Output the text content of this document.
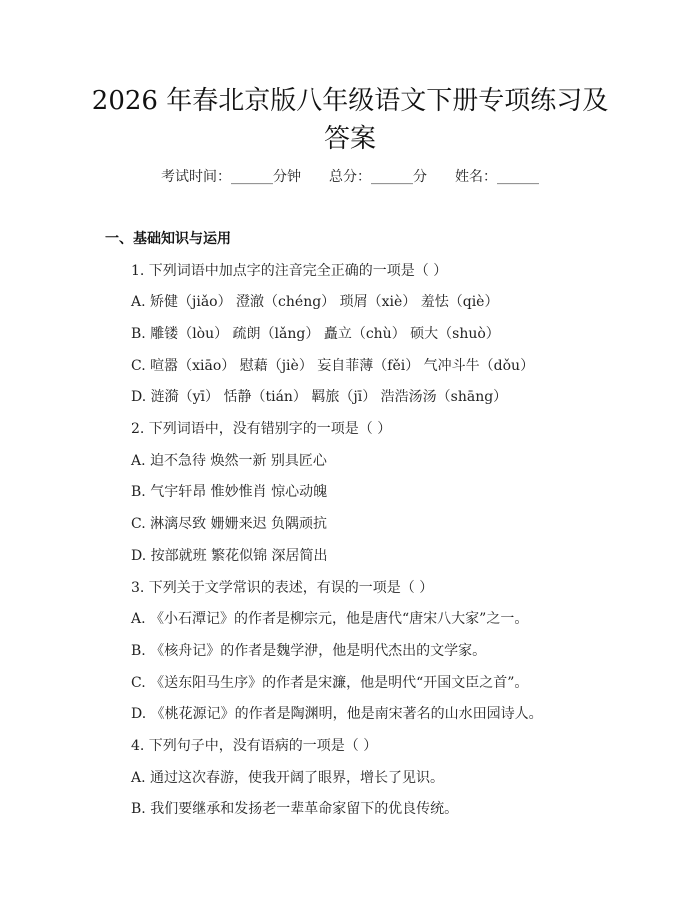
2026 年春北京版八年级语文下册专项练习及
答案
考试时间：______分钟　　总分：______分　　姓名：______
一、基础知识与运用
1. 下列词语中加点字的注音完全正确的一项是（ ）
A. 矫健（jiǎo） 澄澈（chéng） 琐屑（xiè） 羞怯（qiè）
B. 雕镂（lòu） 疏朗（lǎng） 矗立（chù） 硕大（shuò）
C. 喧嚣（xiāo） 慰藉（jiè） 妄自菲薄（fěi） 气冲斗牛（dǒu）
D. 涟漪（yī） 恬静（tián） 羁旅（jī） 浩浩汤汤（shāng）
2. 下列词语中，没有错别字的一项是（ ）
A. 迫不急待 焕然一新 别具匠心
B. 气宇轩昂 惟妙惟肖 惊心动魄
C. 淋漓尽致 姗姗来迟 负隅顽抗
D. 按部就班 繁花似锦 深居简出
3. 下列关于文学常识的表述，有误的一项是（ ）
A. 《小石潭记》的作者是柳宗元，他是唐代“唐宋八大家”之一。
B. 《核舟记》的作者是魏学洢，他是明代杰出的文学家。
C. 《送东阳马生序》的作者是宋濂，他是明代“开国文臣之首”。
D. 《桃花源记》的作者是陶渊明，他是南宋著名的山水田园诗人。
4. 下列句子中，没有语病的一项是（ ）
A. 通过这次春游，使我开阔了眼界，增长了见识。
B. 我们要继承和发扬老一辈革命家留下的优良传统。
